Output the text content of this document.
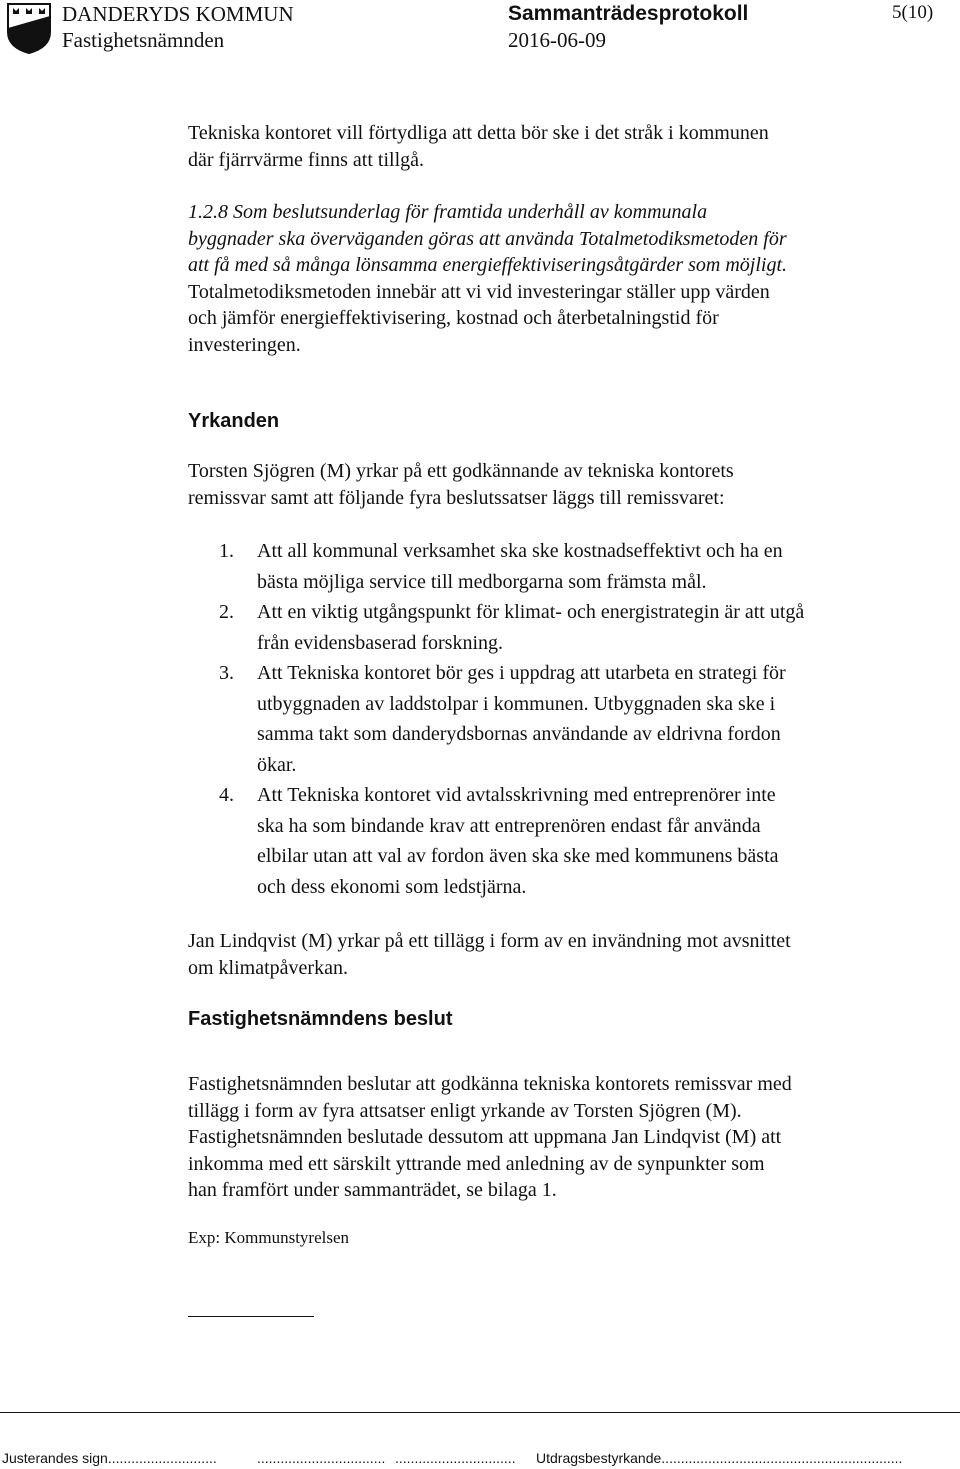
DANDERYDS KOMMUN
Fastighetsnämnden
Sammanträdesprotokoll
2016-06-09
5(10)
Tekniska kontoret vill förtydliga att detta bör ske i det stråk i kommunen
där fjärrvärme finns att tillgå.
1.2.8 Som beslutsunderlag för framtida underhåll av kommunala
byggnader ska överväganden göras att använda Totalmetodiksmetoden för
att få med så många lönsamma energieffektiviseringsåtgärder som möjligt.
Totalmetodiksmetoden innebär att vi vid investeringar ställer upp värden
och jämför energieffektivisering, kostnad och återbetalningstid för
investeringen.
Yrkanden
Torsten Sjögren (M) yrkar på ett godkännande av tekniska kontorets
remissvar samt att följande fyra beslutssatser läggs till remissvaret:
1. Att all kommunal verksamhet ska ske kostnadseffektivt och ha en
bästa möjliga service till medborgarna som främsta mål.
2. Att en viktig utgångspunkt för klimat- och energistrategin är att utgå
från evidensbaserad forskning.
3. Att Tekniska kontoret bör ges i uppdrag att utarbeta en strategi för
utbyggnaden av laddstolpar i kommunen. Utbyggnaden ska ske i
samma takt som danderydsbornas användande av eldrivna fordon
ökar.
4. Att Tekniska kontoret vid avtalsskrivning med entreprenörer inte
ska ha som bindande krav att entreprenören endast får använda
elbilar utan att val av fordon även ska ske med kommunens bästa
och dess ekonomi som ledstjärna.
Jan Lindqvist (M) yrkar på ett tillägg i form av en invändning mot avsnittet
om klimatpåverkan.
Fastighetsnämndens beslut
Fastighetsnämnden beslutar att godkänna tekniska kontorets remissvar med
tillägg i form av fyra attsatser enligt yrkande av Torsten Sjögren (M).
Fastighetsnämnden beslutade dessutom att uppmana Jan Lindqvist (M) att
inkomma med ett särskilt yttrande med anledning av de synpunkter som
han framfört under sammanträdet, se bilaga 1.
Exp: Kommunstyrelsen
Justerandes sign............................	................................. ............................... Utdragsbestyrkande..............................................................
